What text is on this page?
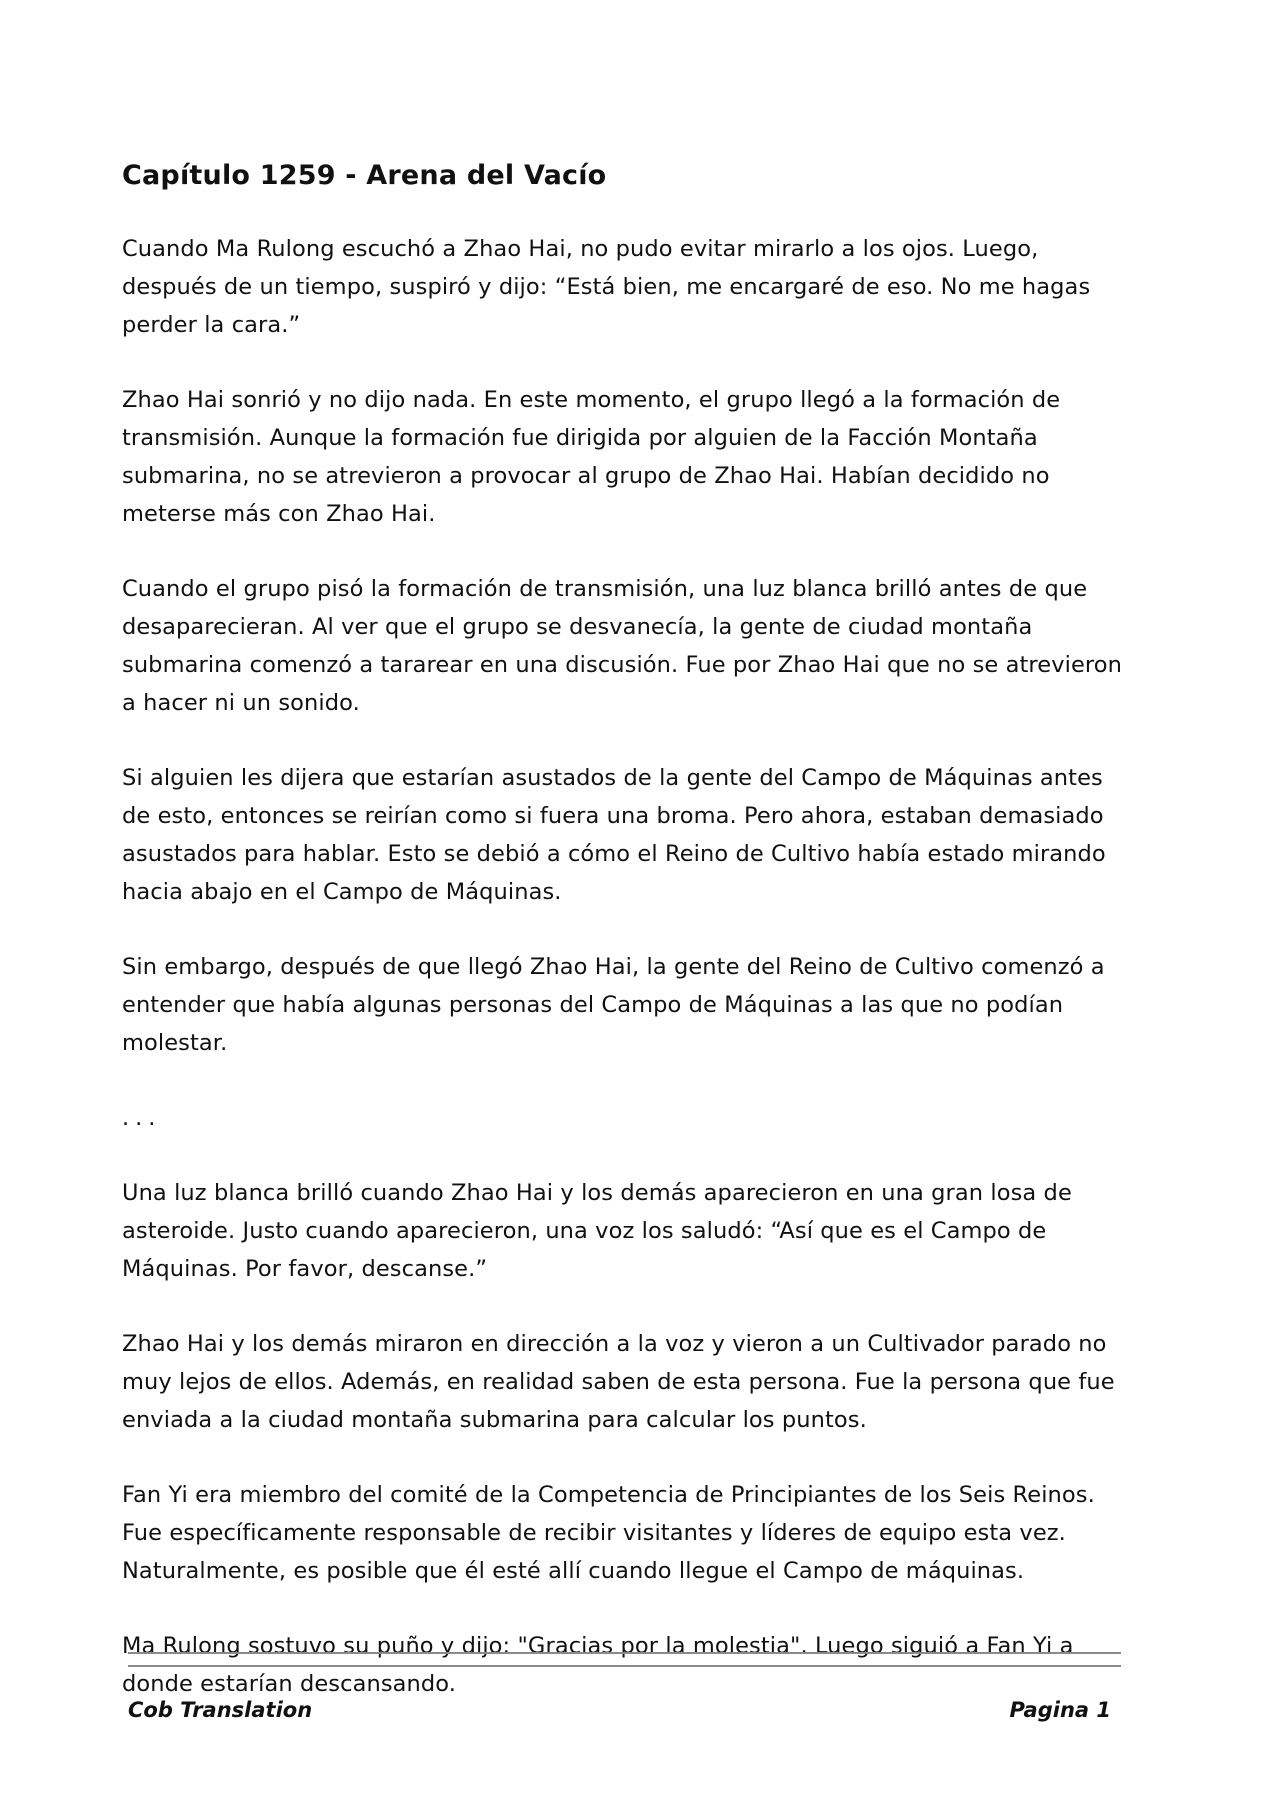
Capítulo 1259 - Arena del Vacío

Cuando Ma Rulong escuchó a Zhao Hai, no pudo evitar mirarlo a los ojos. Luego, después de un tiempo, suspiró y dijo: “Está bien, me encargaré de eso. No me hagas perder la cara.”

Zhao Hai sonrió y no dijo nada. En este momento, el grupo llegó a la formación de transmisión. Aunque la formación fue dirigida por alguien de la Facción Montaña submarina, no se atrevieron a provocar al grupo de Zhao Hai. Habían decidido no meterse más con Zhao Hai.

Cuando el grupo pisó la formación de transmisión, una luz blanca brilló antes de que desaparecieran. Al ver que el grupo se desvanecía, la gente de ciudad montaña submarina comenzó a tararear en una discusión. Fue por Zhao Hai que no se atrevieron a hacer ni un sonido.

Si alguien les dijera que estarían asustados de la gente del Campo de Máquinas antes de esto, entonces se reirían como si fuera una broma. Pero ahora, estaban demasiado asustados para hablar. Esto se debió a cómo el Reino de Cultivo había estado mirando hacia abajo en el Campo de Máquinas.

Sin embargo, después de que llegó Zhao Hai, la gente del Reino de Cultivo comenzó a entender que había algunas personas del Campo de Máquinas a las que no podían molestar.

...

Una luz blanca brilló cuando Zhao Hai y los demás aparecieron en una gran losa de asteroide. Justo cuando aparecieron, una voz los saludó: “Así que es el Campo de Máquinas. Por favor, descanse.”

Zhao Hai y los demás miraron en dirección a la voz y vieron a un Cultivador parado no muy lejos de ellos. Además, en realidad saben de esta persona. Fue la persona que fue enviada a la ciudad montaña submarina para calcular los puntos.

Fan Yi era miembro del comité de la Competencia de Principiantes de los Seis Reinos. Fue específicamente responsable de recibir visitantes y líderes de equipo esta vez. Naturalmente, es posible que él esté allí cuando llegue el Campo de máquinas.

Ma Rulong sostuvo su puño y dijo: "Gracias por la molestia". Luego siguió a Fan Yi a donde estarían descansando.

Cob Translation	Pagina 1
